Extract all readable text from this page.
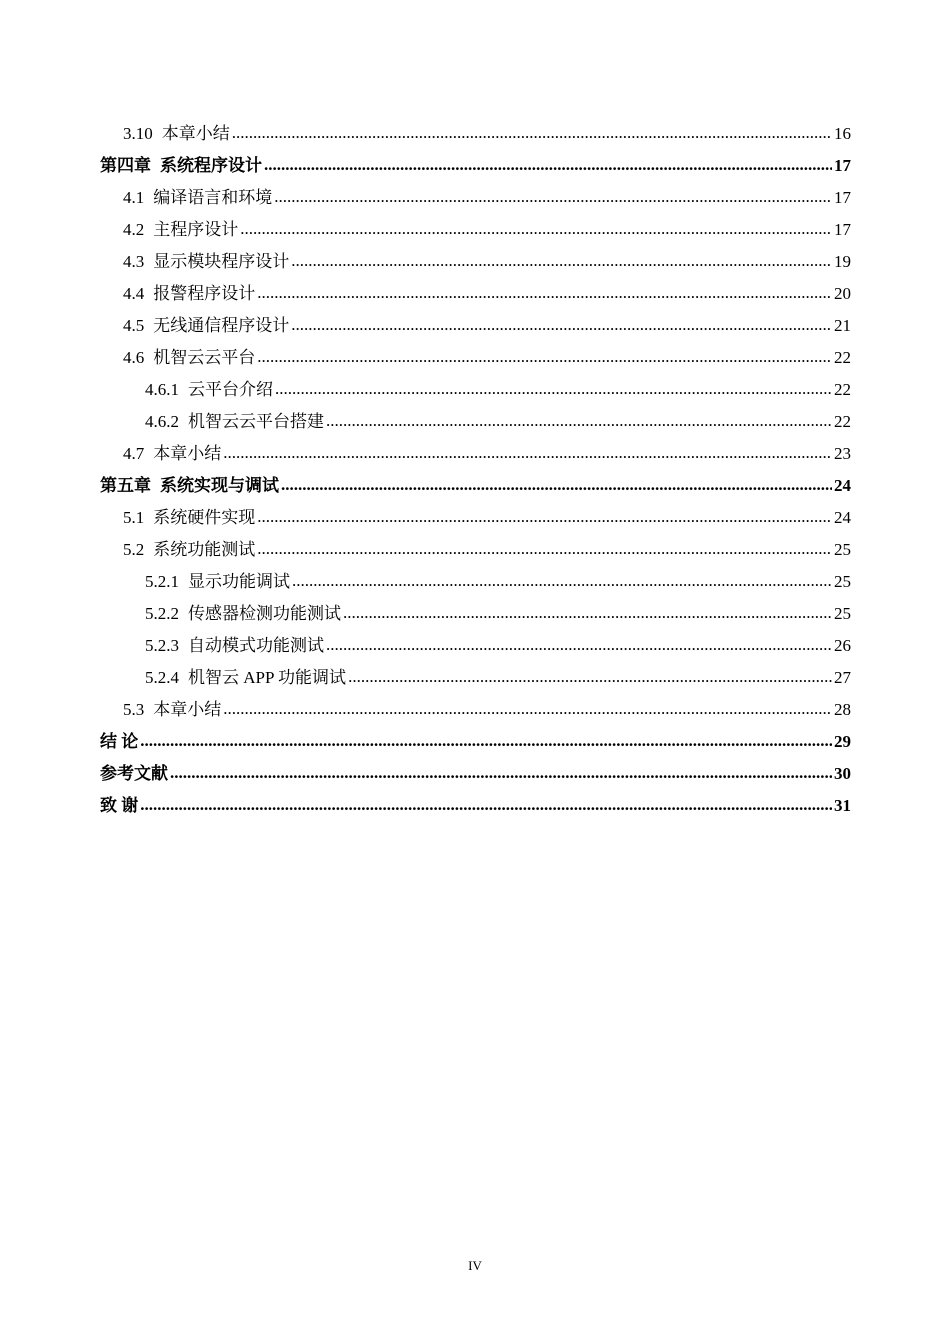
3.10 本章小结 .....	16
第四章 系统程序设计 .....	17
4.1 编译语言和环境 .....	17
4.2 主程序设计 .....	17
4.3 显示模块程序设计 .....	19
4.4 报警程序设计 .....	20
4.5 无线通信程序设计 .....	21
4.6 机智云云平台 .....	22
4.6.1 云平台介绍 .....	22
4.6.2 机智云云平台搭建 .....	22
4.7 本章小结 .....	23
第五章 系统实现与调试 .....	24
5.1 系统硬件实现 .....	24
5.2 系统功能测试 .....	25
5.2.1 显示功能调试 .....	25
5.2.2 传感器检测功能测试 .....	25
5.2.3 自动模式功能测试 .....	26
5.2.4 机智云 APP 功能调试 .....	27
5.3 本章小结 .....	28
结 论 .....	29
参考文献 .....	30
致 谢 .....	31
IV
